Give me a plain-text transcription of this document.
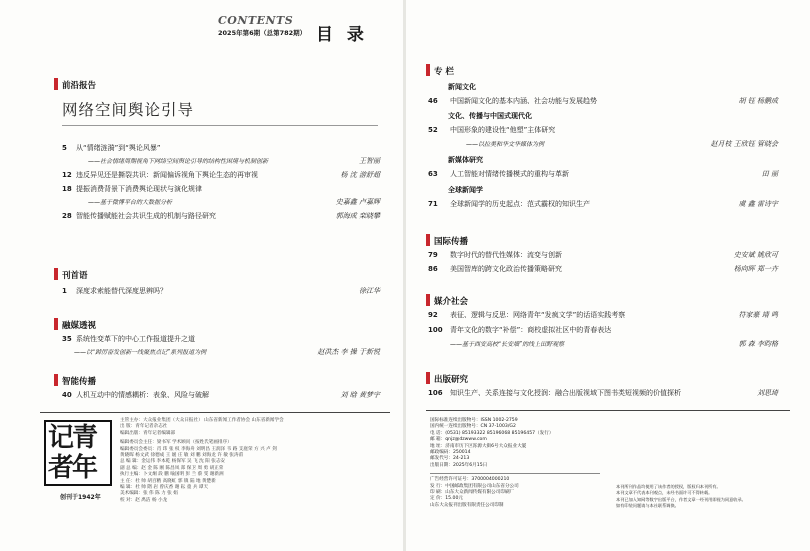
CONTENTS
2025年第6期（总第782期） 目 录
前沿报告
网络空间舆论引导
5 从“情绪涟漪”到“舆论风暴”
——社会情绪周期视角下网络空间舆论引导的结构性困境与机制创新	王智丽
12 违反异见还是撕裂共识：新闻偏诉视角下舆论生态的再审视	杨 沈 游舒超
18 提振消费背景下消费舆论现状与演化规律
——基于微博平台的大数据分析	史嘉鑫 卢嘉辉
28 智能传播赋能社会共识生成的机制与路径研究	郭海成 栾晓攀
刊首语
1 深度求索能替代深度思辨吗？	徐江华
融媒透视
35 系统性变革下的中心工作报道提升之道
——以“踔厉奋发创新一线聚焦点记”系列报道为例	赵洪杰 李 操 于新悦
智能传播
40 人机互动中的情感耦析：表象、风险与破解	刘 晗 黄梦宇
记青
者年
创刊于1942年
主管主办：大众报业集团（大众日报社） 山东省新闻工作者协会 山东省新闻学会
出 版：青年记者杂志社
编辑出版：青年记者编辑部
编辑委员会主任：梁书军 学术顾问（按姓氏笔画排序）
编辑委员会委员：肖 玮 张 权 李海舟 刘明昌 王润泽 韦 路 支庭荣 方 兴 卢 剑
黄晓晖 杨文武 徐德成 王 媛 庄 敏 刘 鹏 刘海龙 许 敏 张涛甫
总 编 辑：金运伟 李本乾 杨保军 吴 飞 沈 阳 张志安
副 总 编：赵 金 陈 刚 陈昌凤 郑 保卫 周 勇 胡正荣
执行主编：卜文炯 段 鹏 喻国明 彭 兰 蔡 雯 谢新洲
主 任：杜 帅 胡百精 高晓虹 郭 镇 陆 地 黄楚新
编 辑：杜 帅 隋 岩 曾庆香 谢 耘 童 兵 谭天
美术编辑：张 伟 陈 力 张 娟
校 对：赵 禹洁 杨 小龙
专 栏
新闻文化
46 中国新闻文化的基本内涵、社会功能与发展趋势	胡 钰 杨鹏成
文化、传播与中国式现代化
52 中国形象的建设性“他塑”主体研究
——以拉美和华文华媒体为例	赵月枝 王欣钰 管晓会
新媒体研究
63 人工智能对情绪传播模式的重构与革新	田 丽
全球新闻学
71 全球新闻学的历史起点：范式霸权的知识生产	虞 鑫 雷诗宇
国际传播
79 数字时代的替代性媒体：流变与创新	史安斌 姚欣可
86 美国智库的跨文化政治传播策略研究	杨向晖 郑一卉
媒介社会
92 表征、逻辑与反思：网络青年“发疯文学”的话语实践考察	符家豪 靖 鸣
100 青年文化的数字“补偿”：商校虚拟社区中的青春表达
——基于西安高校“长安墙”的线上田野观察	郭 森 李昀格
出版研究
106 知识生产、关系连接与文化授润：融合出版视域下图书类短视频的价值探析	刘思琦
国际标准连续出版物号：ISSN 1002-2759
国内统一连续出版物号：CN 37-1003/G2
电 话：(0531) 85193322 85196068 85196457（发行）
邮 箱：qnjz@dzwww.com
地 址：济南市历下区泺源大街6号大众报业大厦
邮政编码：250014
邮发代号：24-213
出版日期：2025年6月15日
广告经营许可证号：3700004000210
发 行：中国邮政集团有限公司山东省分公司
印 刷：山东大众新闻传媒有限公司印刷厂
定 价：15.00元
山东大众报刊出版有限责任公司印制
本刊所刊作品均使用了该作者的授权，版权归本刊所有。
本刊文章不代表本刊观点，未经书面许可不得转载。
本刊已加入知网等数字出版平台，作者文章一经刊用即视为同意收录。
如有印装问题请与本社联系调换。
